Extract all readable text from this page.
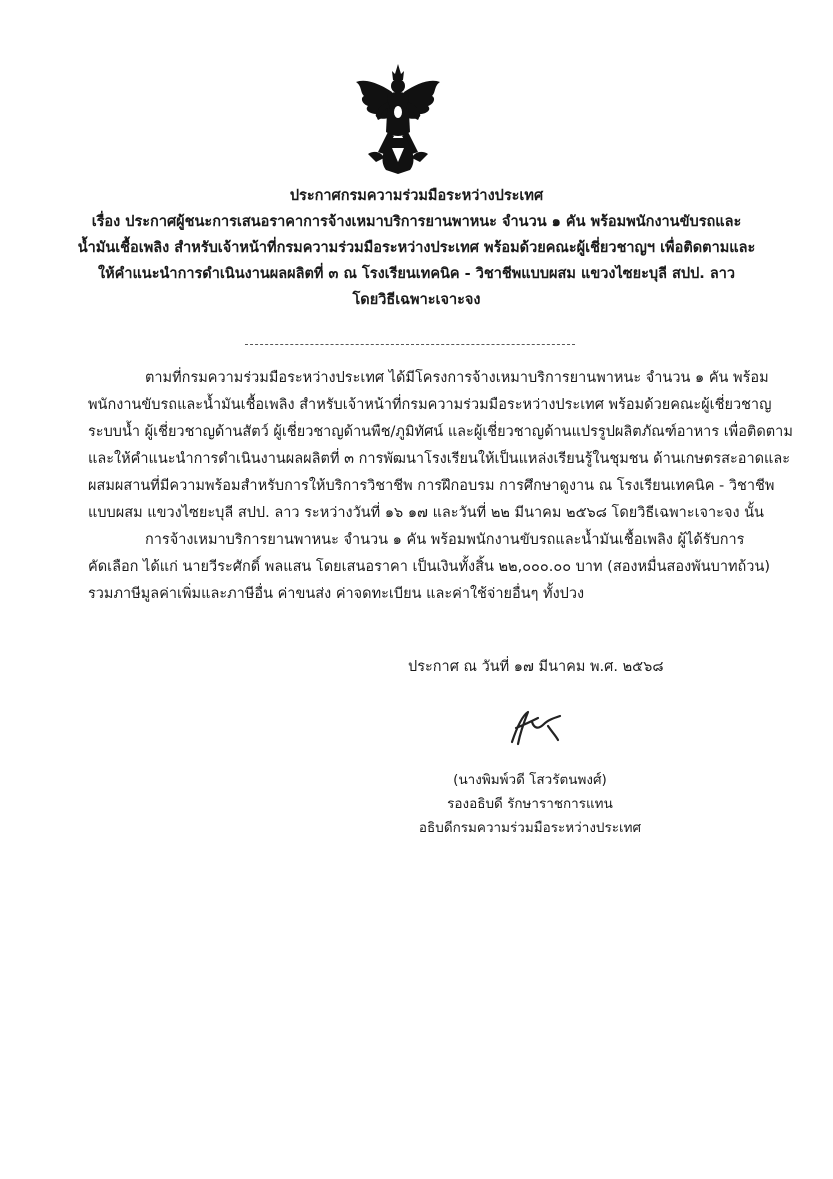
ประกาศกรมความร่วมมือระหว่างประเทศ
เรื่อง ประกาศผู้ชนะการเสนอราคาการจ้างเหมาบริการยานพาหนะ จำนวน ๑ คัน พร้อมพนักงานขับรถและ
น้ำมันเชื้อเพลิง สำหรับเจ้าหน้าที่กรมความร่วมมือระหว่างประเทศ พร้อมด้วยคณะผู้เชี่ยวชาญฯ เพื่อติดตามและ
ให้คำแนะนำการดำเนินงานผลผลิตที่ ๓ ณ โรงเรียนเทคนิค - วิชาชีพแบบผสม แขวงไซยะบุลี สปป. ลาว
โดยวิธีเฉพาะเจาะจง
ตามที่กรมความร่วมมือระหว่างประเทศ ได้มีโครงการจ้างเหมาบริการยานพาหนะ จำนวน ๑ คัน พร้อม
พนักงานขับรถและน้ำมันเชื้อเพลิง สำหรับเจ้าหน้าที่กรมความร่วมมือระหว่างประเทศ พร้อมด้วยคณะผู้เชี่ยวชาญ
ระบบน้ำ ผู้เชี่ยวชาญด้านสัตว์ ผู้เชี่ยวชาญด้านพืช/ภูมิทัศน์ และผู้เชี่ยวชาญด้านแปรรูปผลิตภัณฑ์อาหาร เพื่อติดตาม
และให้คำแนะนำการดำเนินงานผลผลิตที่ ๓ การพัฒนาโรงเรียนให้เป็นแหล่งเรียนรู้ในชุมชน ด้านเกษตรสะอาดและ
ผสมผสานที่มีความพร้อมสำหรับการให้บริการวิชาชีพ การฝึกอบรม การศึกษาดูงาน ณ โรงเรียนเทคนิค - วิชาชีพ
แบบผสม แขวงไซยะบุลี สปป. ลาว ระหว่างวันที่ ๑๖ ๑๗ และวันที่ ๒๒ มีนาคม ๒๕๖๘ โดยวิธีเฉพาะเจาะจง นั้น
การจ้างเหมาบริการยานพาหนะ จำนวน ๑ คัน พร้อมพนักงานขับรถและน้ำมันเชื้อเพลิง ผู้ได้รับการ
คัดเลือก ได้แก่ นายวีระศักดิ์ พลแสน โดยเสนอราคา เป็นเงินทั้งสิ้น ๒๒,๐๐๐.๐๐ บาท (สองหมื่นสองพันบาทถ้วน)
รวมภาษีมูลค่าเพิ่มและภาษีอื่น ค่าขนส่ง ค่าจดทะเบียน และค่าใช้จ่ายอื่นๆ ทั้งปวง
ประกาศ ณ วันที่ ๑๗ มีนาคม พ.ศ. ๒๕๖๘
(นางพิมพ์วดี โสวรัตนพงศ์)
รองอธิบดี รักษาราชการแทน
อธิบดีกรมความร่วมมือระหว่างประเทศ
